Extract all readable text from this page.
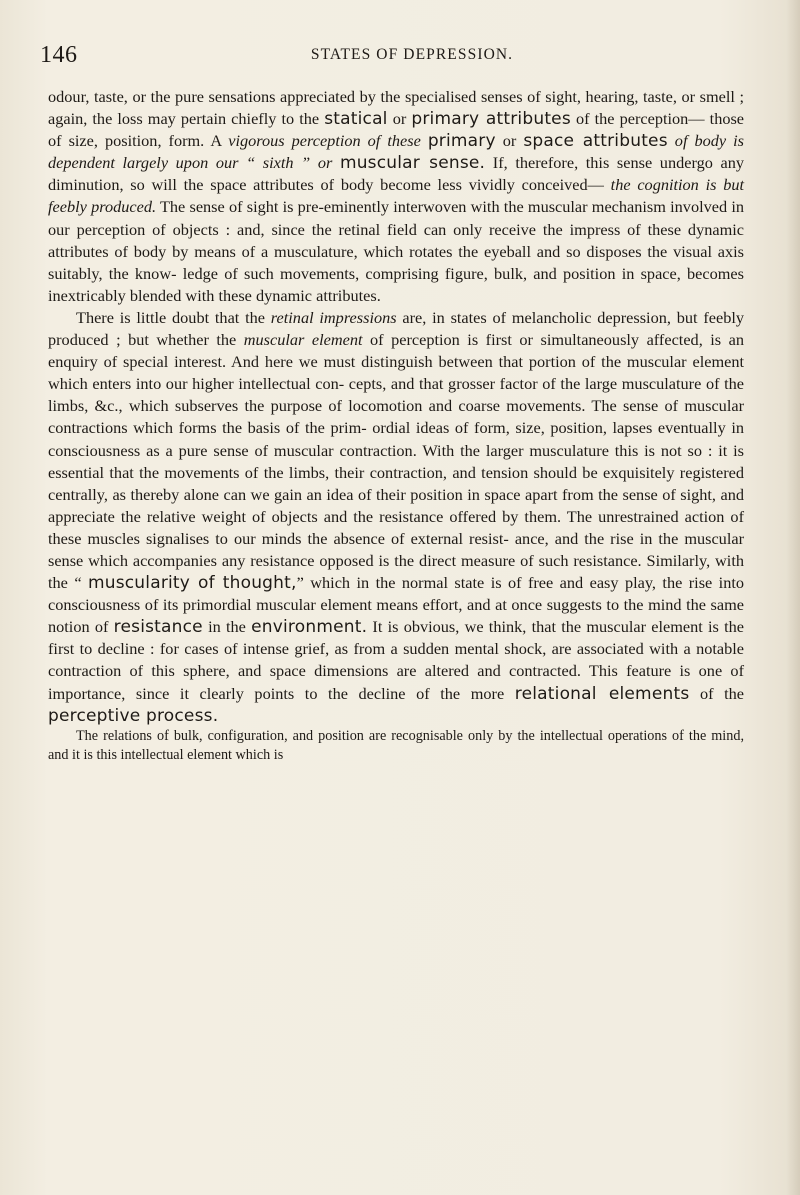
146	STATES OF DEPRESSION.

odour, taste, or the pure sensations appreciated by the specialised senses of sight, hearing, taste, or smell ; again, the loss may pertain chiefly to the statical or primary attributes of the perception— those of size, position, form. A vigorous perception of these primary or space attributes of body is dependent largely upon our “ sixth ” or muscular sense. If, therefore, this sense undergo any diminution, so will the space attributes of body become less vividly conceived— the cognition is but feebly produced. The sense of sight is pre-eminently interwoven with the muscular mechanism involved in our perception of objects : and, since the retinal field can only receive the impress of these dynamic attributes of body by means of a musculature, which rotates the eyeball and so disposes the visual axis suitably, the know- ledge of such movements, comprising figure, bulk, and position in space, becomes inextricably blended with these dynamic attributes.

There is little doubt that the retinal impressions are, in states of melancholic depression, but feebly produced ; but whether the muscular element of perception is first or simultaneously affected, is an enquiry of special interest. And here we must distinguish between that portion of the muscular element which enters into our higher intellectual con- cepts, and that grosser factor of the large musculature of the limbs, &c., which subserves the purpose of locomotion and coarse movements. The sense of muscular contractions which forms the basis of the prim- ordial ideas of form, size, position, lapses eventually in consciousness as a pure sense of muscular contraction. With the larger musculature this is not so : it is essential that the movements of the limbs, their contraction, and tension should be exquisitely registered centrally, as thereby alone can we gain an idea of their position in space apart from the sense of sight, and appreciate the relative weight of objects and the resistance offered by them. The unrestrained action of these muscles signalises to our minds the absence of external resist- ance, and the rise in the muscular sense which accompanies any resistance opposed is the direct measure of such resistance. Similarly, with the “ muscularity of thought,” which in the normal state is of free and easy play, the rise into consciousness of its primordial muscular element means effort, and at once suggests to the mind the same notion of resistance in the environment. It is obvious, we think, that the muscular element is the first to decline : for cases of intense grief, as from a sudden mental shock, are associated with a notable contraction of this sphere, and space dimensions are altered and contracted. This feature is one of importance, since it clearly points to the decline of the more relational elements of the perceptive process.

The relations of bulk, configuration, and position are recognisable only by the intellectual operations of the mind, and it is this intellectual element which is
